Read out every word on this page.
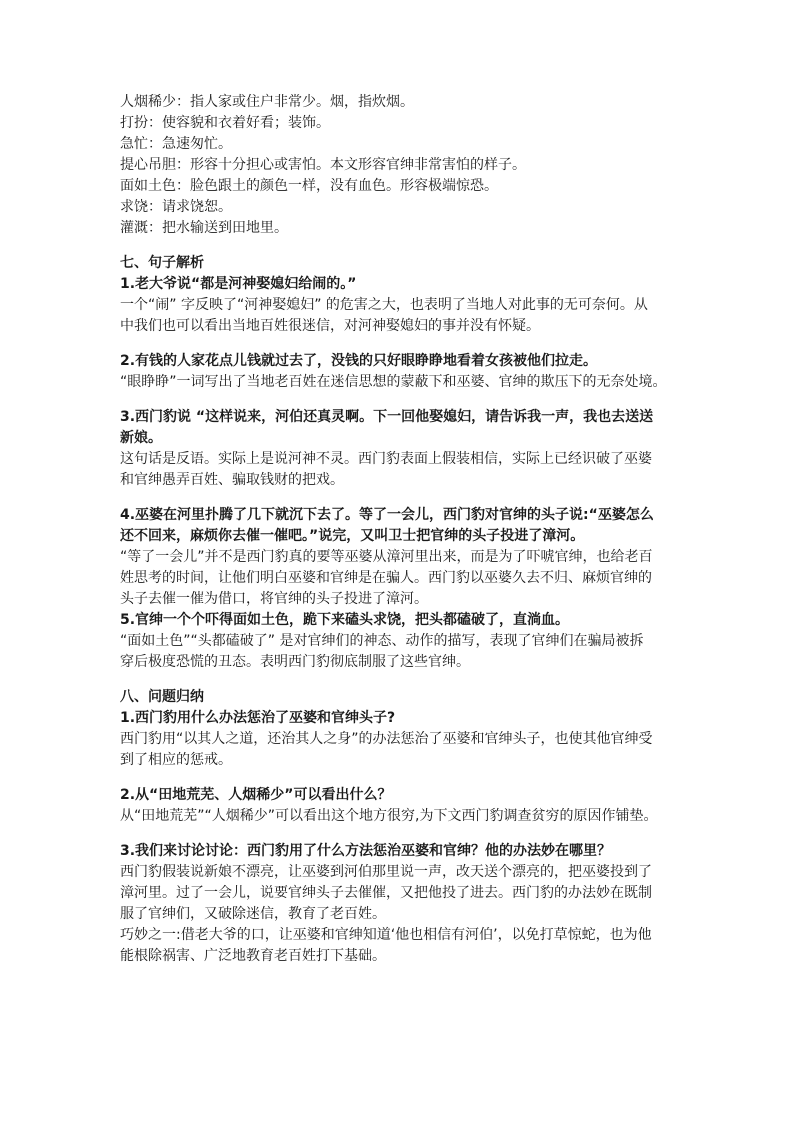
人烟稀少：指人家或住户非常少。烟，指炊烟。

打扮：使容貌和衣着好看；装饰。

急忙：急速匆忙。

提心吊胆：形容十分担心或害怕。本文形容官绅非常害怕的样子。

面如土色：脸色跟土的颜色一样，没有血色。形容极端惊恐。

求饶：请求饶恕。

灌溉：把水输送到田地里。

七、句子解析

1.老大爷说“都是河神娶媳妇给闹的。”

一个“闹” 字反映了“河神娶媳妇” 的危害之大，也表明了当地人对此事的无可奈何。从

中我们也可以看出当地百姓很迷信，对河神娶媳妇的事并没有怀疑。

2.有钱的人家花点儿钱就过去了，没钱的只好眼睁睁地看着女孩被他们拉走。

“眼睁睁”一词写出了当地老百姓在迷信思想的蒙蔽下和巫婆、官绅的欺压下的无奈处境。

3.西门豹说 “这样说来，河伯还真灵啊。下一回他娶媳妇，请告诉我一声，我也去送送

新娘。

这句话是反语。实际上是说河神不灵。西门豹表面上假装相信，实际上已经识破了巫婆

和官绅愚弄百姓、骗取钱财的把戏。

4.巫婆在河里扑腾了几下就沉下去了。等了一会儿，西门豹对官绅的头子说:“巫婆怎么

还不回来，麻烦你去催一催吧。”说完，又叫卫士把官绅的头子投进了漳河。

“等了一会儿”并不是西门豹真的要等巫婆从漳河里出来，而是为了吓唬官绅，也给老百

姓思考的时间，让他们明白巫婆和官绅是在骗人。西门豹以巫婆久去不归、麻烦官绅的

头子去催一催为借口，将官绅的头子投进了漳河。

5.官绅一个个吓得面如土色，跪下来磕头求饶，把头都磕破了，直淌血。

“面如土色”“头都磕破了” 是对官绅们的神态、动作的描写，表现了官绅们在骗局被拆

穿后极度恐慌的丑态。表明西门豹彻底制服了这些官绅。

八、问题归纳

1.西门豹用什么办法惩治了巫婆和官绅头子?

西门豹用“以其人之道，还治其人之身”的办法惩治了巫婆和官绅头子，也使其他官绅受

到了相应的惩戒。

2.从“田地荒芜、人烟稀少”可以看出什么？

从“田地荒芜”“人烟稀少”可以看出这个地方很穷,为下文西门豹调查贫穷的原因作铺垫。

3.我们来讨论讨论：西门豹用了什么方法惩治巫婆和官绅？他的办法妙在哪里？

西门豹假装说新娘不漂亮，让巫婆到河伯那里说一声，改天送个漂亮的，把巫婆投到了

漳河里。过了一会儿，说要官绅头子去催催，又把他投了进去。西门豹的办法妙在既制

服了官绅们，又破除迷信，教育了老百姓。

巧妙之一:借老大爷的口，让巫婆和官绅知道‘他也相信有河伯’，以免打草惊蛇，也为他

能根除祸害、广泛地教育老百姓打下基础。
